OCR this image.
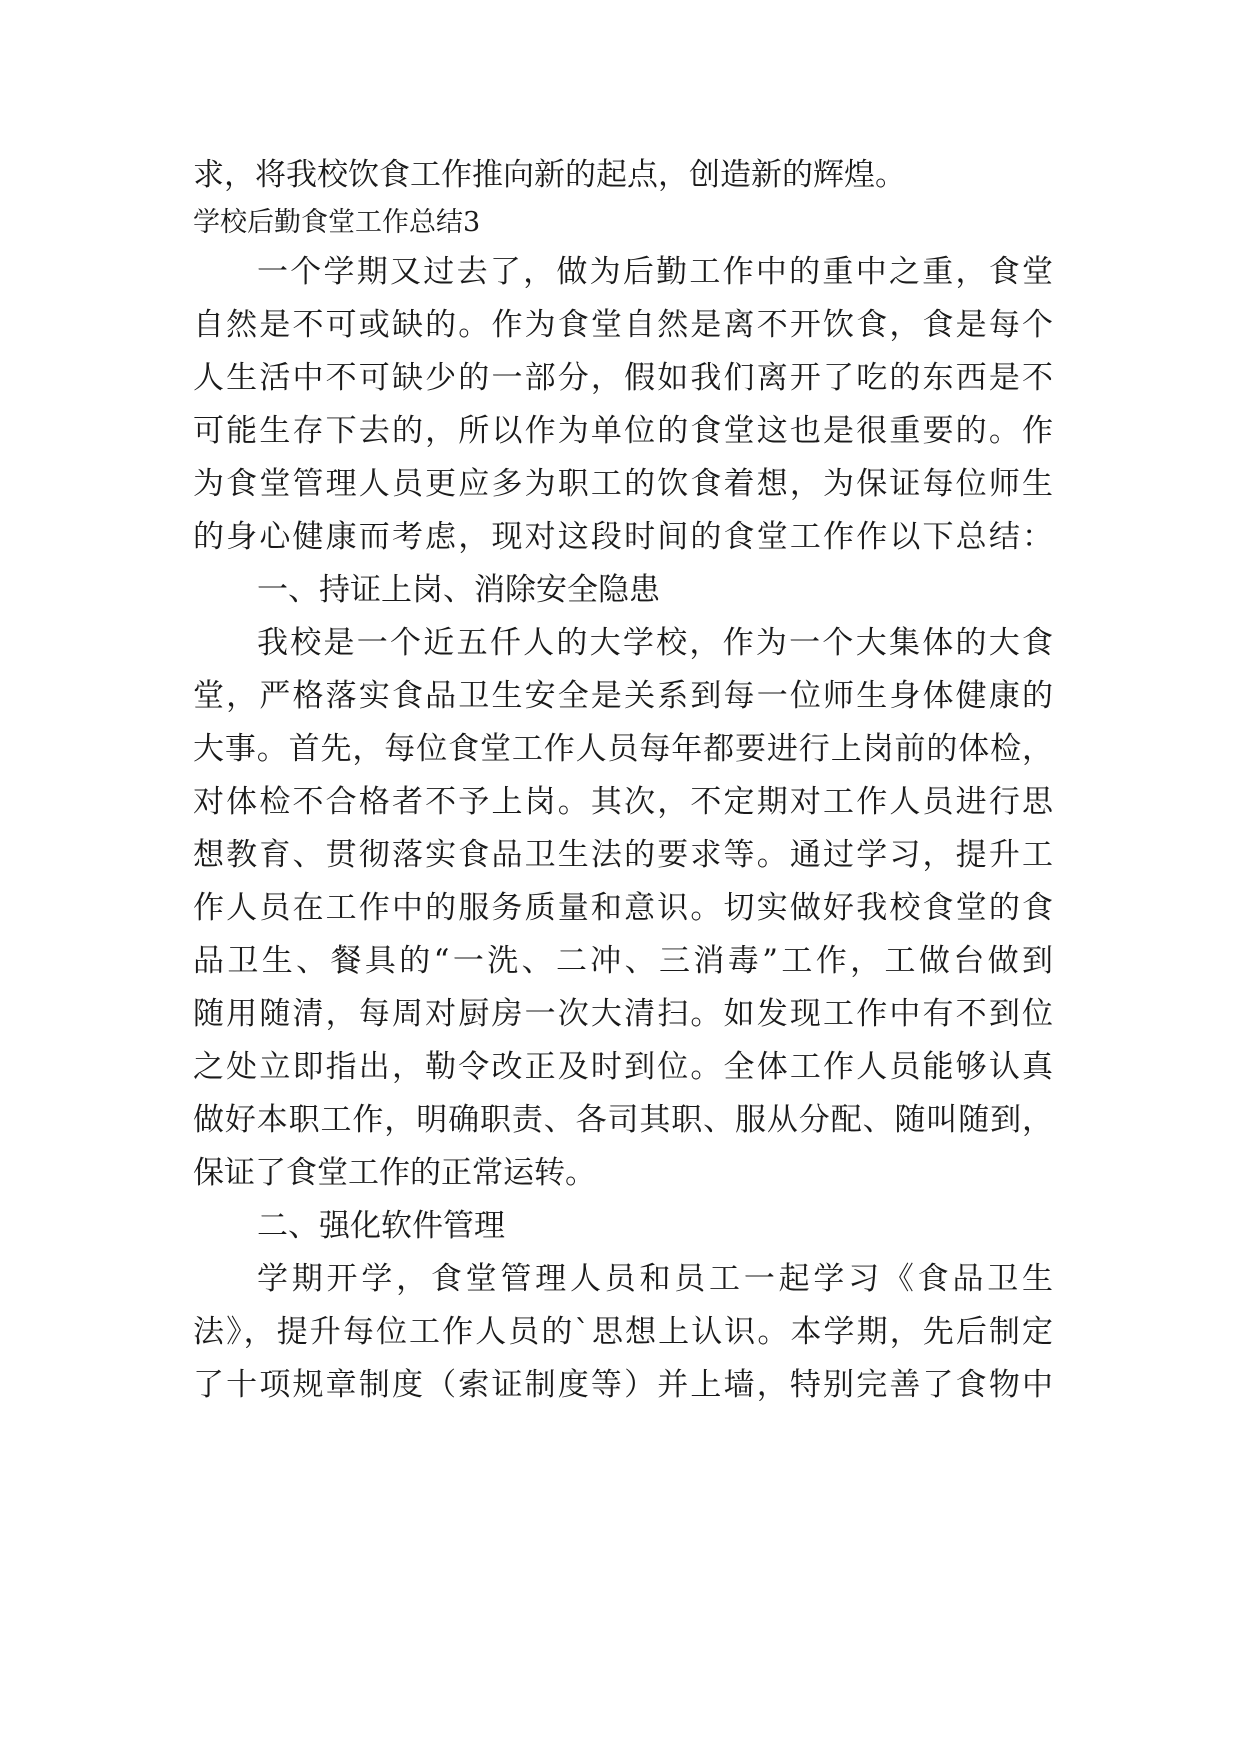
求，将我校饮食工作推向新的起点，创造新的辉煌。
学校后勤食堂工作总结3
一个学期又过去了，做为后勤工作中的重中之重，食堂
自然是不可或缺的。作为食堂自然是离不开饮食，食是每个
人生活中不可缺少的一部分，假如我们离开了吃的东西是不
可能生存下去的，所以作为单位的食堂这也是很重要的。作
为食堂管理人员更应多为职工的饮食着想，为保证每位师生
的身心健康而考虑，现对这段时间的食堂工作作以下总结：
一、持证上岗、消除安全隐患
我校是一个近五仟人的大学校，作为一个大集体的大食
堂，严格落实食品卫生安全是关系到每一位师生身体健康的
大事。首先，每位食堂工作人员每年都要进行上岗前的体检，
对体检不合格者不予上岗。其次，不定期对工作人员进行思
想教育、贯彻落实食品卫生法的要求等。通过学习，提升工
作人员在工作中的服务质量和意识。切实做好我校食堂的食
品卫生、餐具的“一洗、二冲、三消毒”工作，工做台做到
随用随清，每周对厨房一次大清扫。如发现工作中有不到位
之处立即指出，勒令改正及时到位。全体工作人员能够认真
做好本职工作，明确职责、各司其职、服从分配、随叫随到，
保证了食堂工作的正常运转。
二、强化软件管理
学期开学，食堂管理人员和员工一起学习《食品卫生
法》，提升每位工作人员的`思想上认识。本学期，先后制定
了十项规章制度（索证制度等）并上墙，特别完善了食物中
